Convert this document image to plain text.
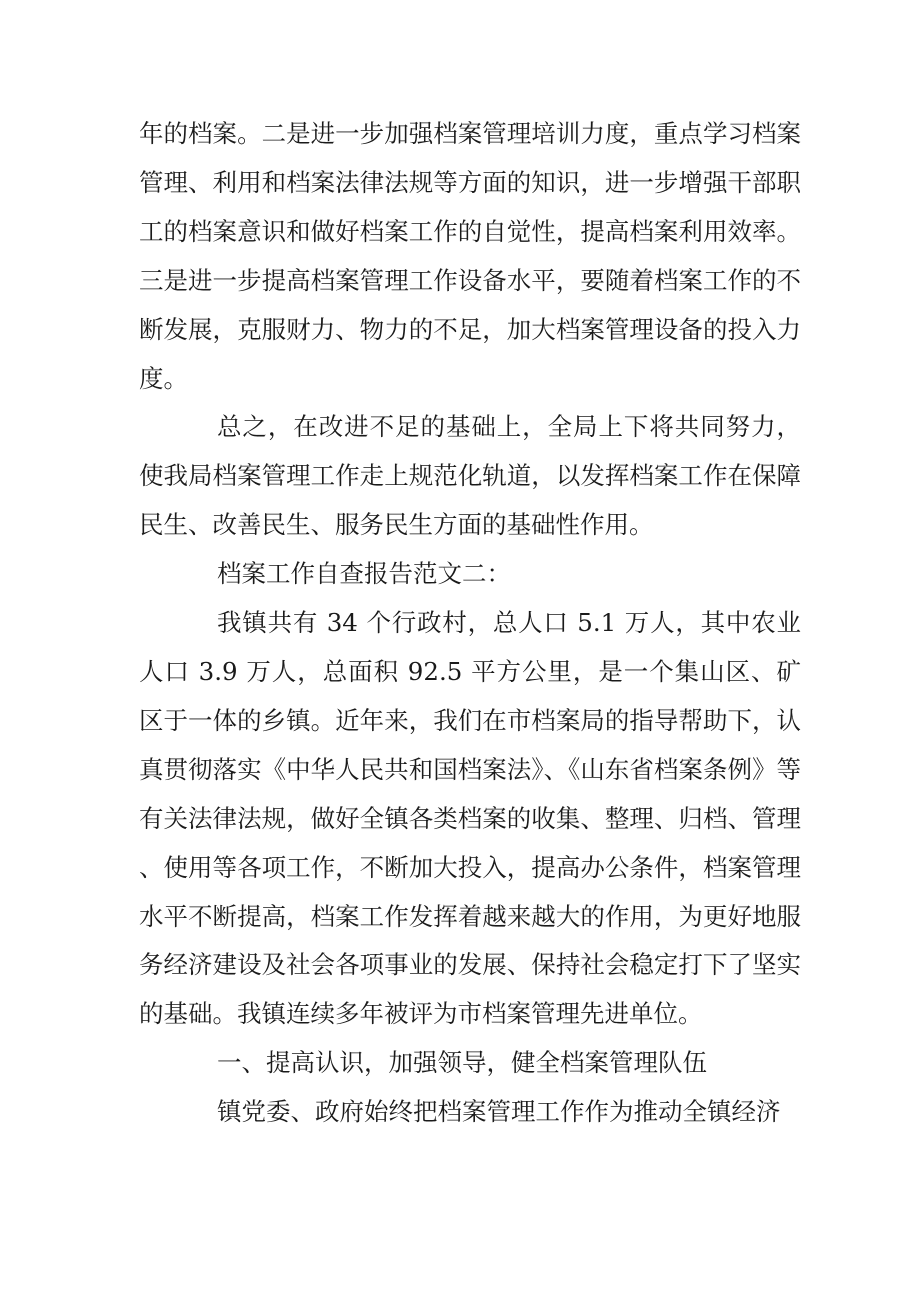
年的档案。二是进一步加强档案管理培训力度，重点学习档案管理、利用和档案法律法规等方面的知识，进一步增强干部职工的档案意识和做好档案工作的自觉性，提高档案利用效率。三是进一步提高档案管理工作设备水平，要随着档案工作的不断发展，克服财力、物力的不足，加大档案管理设备的投入力度。

总之，在改进不足的基础上，全局上下将共同努力，使我局档案管理工作走上规范化轨道，以发挥档案工作在保障民生、改善民生、服务民生方面的基础性作用。

档案工作自查报告范文二：

我镇共有 34 个行政村，总人口 5.1 万人，其中农业人口 3.9 万人，总面积 92.5 平方公里，是一个集山区、矿区于一体的乡镇。近年来，我们在市档案局的指导帮助下，认真贯彻落实《中华人民共和国档案法》、《山东省档案条例》等有关法律法规，做好全镇各类档案的收集、整理、归档、管理、使用等各项工作，不断加大投入，提高办公条件，档案管理水平不断提高，档案工作发挥着越来越大的作用，为更好地服务经济建设及社会各项事业的发展、保持社会稳定打下了坚实的基础。我镇连续多年被评为市档案管理先进单位。

一、提高认识，加强领导，健全档案管理队伍

镇党委、政府始终把档案管理工作作为推动全镇经济
